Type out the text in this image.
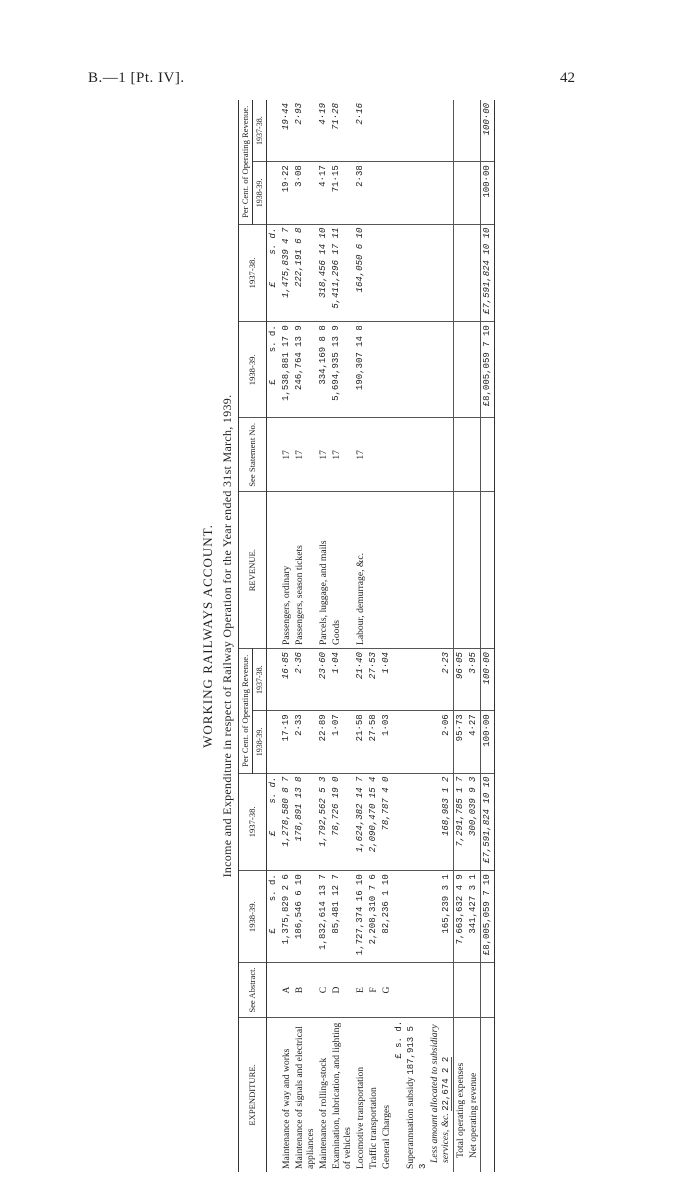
B.—1 [Pt. IV].	42
WORKING RAILWAYS ACCOUNT. Income and Expenditure in respect of Railway Operation for the Year ended 31st March, 1939.
EXPENDITURE.	See Abstract.	1938-39.	1937-38.	Per Cent. of Operating Revenue.		REVENUE.	See Statement No.	1938-39.	1937-38.	Per Cent. of Operating Revenue.	
				1938-39.	1937-38.					1938-39.	1937-38.
		£     s. d.	£     s. d.					£     s. d.	£     s. d.		
Maintenance of way and works	A	1,375,829 2 6	1,278,580 8 7	17·19	16·85	Passengers, ordinary	17	1,538,881 17 0	1,475,839 4 7	19·22	19·44
Maintenance of signals and electrical appliances	B	186,546 6 10	178,891 13 8	2·33	2·36	Passengers, season tickets	17	246,764 13 9	222,191 6 8	3·08	2·93
Maintenance of rolling-stock	C	1,832,614 13 7	1,792,562 5 3	22·89	23·60	Parcels, luggage, and mails	17	334,169 8 8	318,456 14 10	4·17	4·19
Examination, lubrication, and lighting of vehicles	D	85,481 12 7	78,726 19 0	1·07	1·04	Goods	17	5,694,935 13 9	5,411,296 17 11	71·15	71·28
Locomotive transportation	E	1,727,374 16 10	1,624,382 14 7	21·58	21·40	Labour, demurrage, &c.	17	190,307 14 8	164,050 6 10	2·38	2·16
Traffic transportation	F	2,208,310 7 6	2,090,470 15 4	27·58	27·53						
General Charges	G	82,236 1 10	78,787 4 0	1·03	1·04						

£ s. d.
Superannuation subsidy 187,913 5 3
Less amount allocated to subsidiary services, &c. 22,674 2 2		165,239 3 1	168,983 1 2	2·06	2·23						
Total operating expenses		7,663,632 4 9	7,291,785 1 7	95·73	96·05						
Net operating revenue		341,427 3 1	300,039 9 3	4·27	3·95						
		£8,005,059 7 10	£7,591,824 10 10	100·00	100·00			£8,005,059 7 10	£7,591,824 10 10	100·00	100·00
